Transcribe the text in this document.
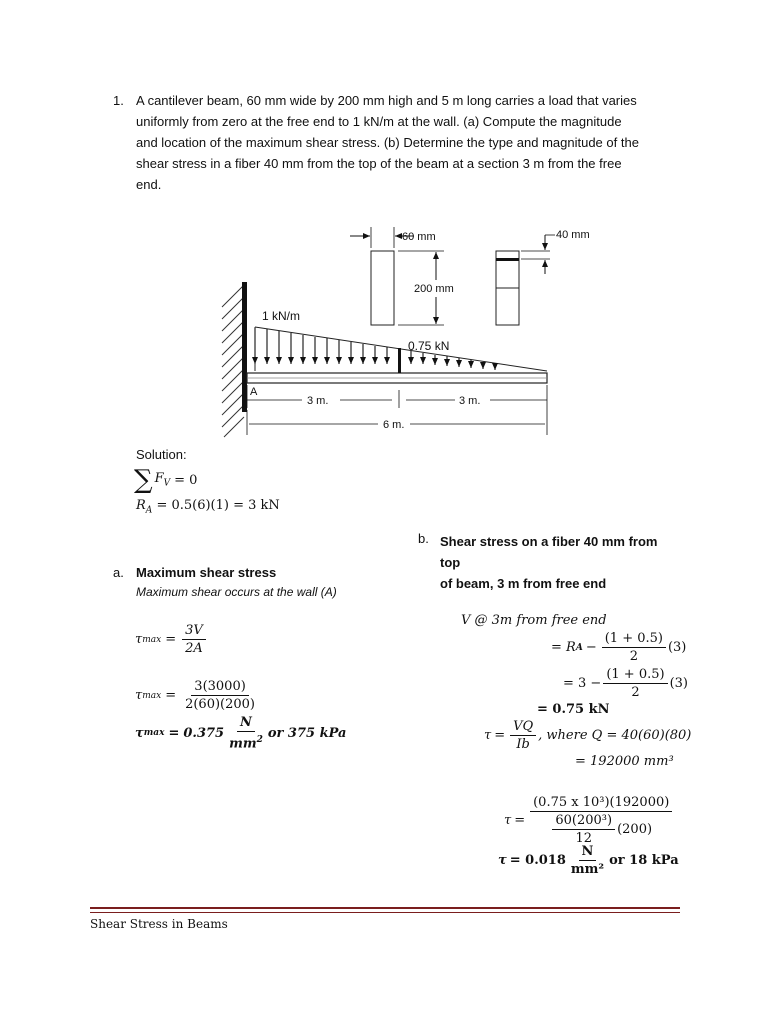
1. A cantilever beam, 60 mm wide by 200 mm high and 5 m long carries a load that varies

uniformly from zero at the free end to 1 kN/m at the wall. (a) Compute the magnitude

and location of the maximum shear stress. (b) Determine the type and magnitude of the

shear stress in a fiber 40 mm from the top of the beam at a section 3 m from the free

end.

1 kN/m
0.75 kN
A
3 m.	3 m.
6 m.
60 mm
200 mm
40 mm
Solution:
∑ $F_V = 0$
$R_A = 0.5(6)(1) = 3$ kN
a. Maximum shear stress
Maximum shear occurs at the wall (A)
τ $\max = \frac{3V}{2A}$
τ $\max = \frac{3(3000)}{2(60)(200)}$
τ $\max = 0.375 \frac{N}{mm^2}$ or 375 kPa
b. Shear stress on a fiber 40 mm from
top
of beam, 3 m from free end
V @ 3m from free end
= R $A - \frac{(1 + 0.5)}{2} (3)$
= $3 - \frac{(1 + 0.5)}{2} (3)$
= 0.75 kN
$\tau = \frac{VQ}{Ib}$ , where Q = 40(60)(80)
= 192000 mm³
$\tau = \frac{\text{(0.75 x 10³)(192000)}}{\frac{\text{60(200³)}}{12} (200)}$
$\tau = 0.018 \frac{N}{\text{mm²}}$ or 18 kPa
Shear Stress in Beams
